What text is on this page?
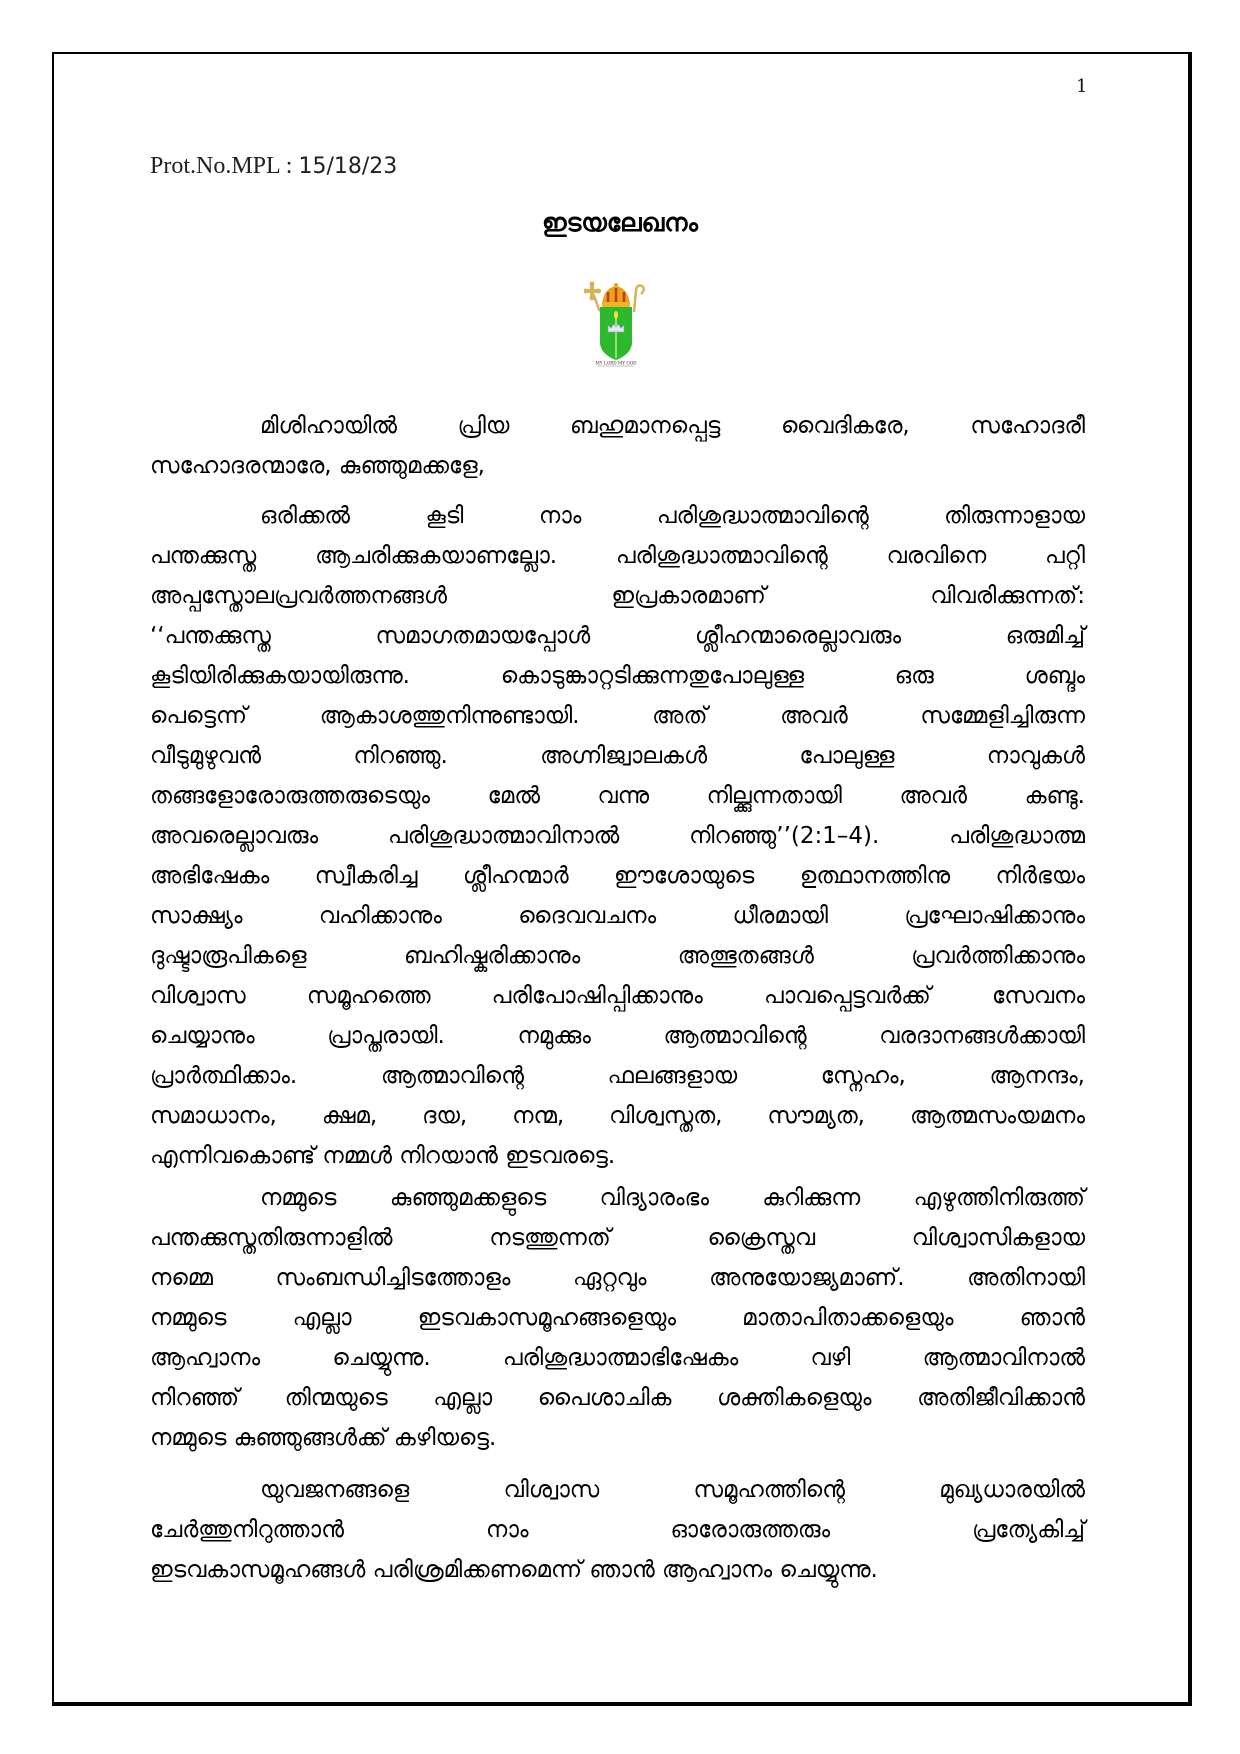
1
Prot.No.MPL : 15/18/23
ഇടയലേഖനം
MY LORD MY GOD
മിശിഹായിൽ	പ്രിയ	ബഹുമാനപ്പെട്ട	വൈദികരേ,	സഹോദരീ
സഹോദരന്മാരേ, കുഞ്ഞുമക്കളേ,
ഒരിക്കൽ കൂടി നാം പരിശുദ്ധാത്മാവിന്റെ തിരുന്നാളായ
പന്തക്കുസ്ത ആചരിക്കുകയാണല്ലോ. പരിശുദ്ധാത്മാവിന്റെ വരവിനെ പറ്റി
അപ്പസ്തോലപ്രവർത്തനങ്ങൾ ഇപ്രകാരമാണ് വിവരിക്കുന്നത്:
‘‘പന്തക്കുസ്ത സമാഗതമായപ്പോൾ ശ്ലീഹന്മാരെല്ലാവരും ഒരുമിച്ച്
കൂടിയിരിക്കുകയായിരുന്നു. കൊടുങ്കാറ്റടിക്കുന്നതുപോലുള്ള ഒരു ശബ്ദം
പെട്ടെന്ന് ആകാശത്തുനിന്നുണ്ടായി. അത് അവർ സമ്മേളിച്ചിരുന്ന
വീടുമുഴുവൻ നിറഞ്ഞു. അഗ്നിജ്വാലകൾ പോലുള്ള നാവുകൾ
തങ്ങളോരോരുത്തരുടെയും മേൽ വന്നു നില്ക്കുന്നതായി അവർ കണ്ടു.
അവരെല്ലാവരും പരിശുദ്ധാത്മാവിനാൽ നിറഞ്ഞു’’(2:1–4). പരിശുദ്ധാത്മ
അഭിഷേകം സ്വീകരിച്ച ശ്ലീഹന്മാർ ഈശോയുടെ ഉത്ഥാനത്തിനു നിർഭയം
സാക്ഷ്യം വഹിക്കാനും ദൈവവചനം ധീരമായി പ്രഘോഷിക്കാനും
ദുഷ്ടാരൂപികളെ ബഹിഷ്കരിക്കാനും അത്ഭുതങ്ങൾ പ്രവർത്തിക്കാനും
വിശ്വാസ സമൂഹത്തെ പരിപോഷിപ്പിക്കാനും പാവപ്പെട്ടവർക്ക് സേവനം
ചെയ്യാനും പ്രാപ്തരായി. നമുക്കും ആത്മാവിന്റെ വരദാനങ്ങൾക്കായി
പ്രാർത്ഥിക്കാം. ആത്മാവിന്റെ ഫലങ്ങളായ സ്നേഹം, ആനന്ദം,
സമാധാനം, ക്ഷമ, ദയ, നന്മ, വിശ്വസ്തത, സൗമ്യത, ആത്മസംയമനം
എന്നിവകൊണ്ട് നമ്മൾ നിറയാൻ ഇടവരട്ടെ.
നമ്മുടെ കുഞ്ഞുമക്കളുടെ വിദ്യാരംഭം കുറിക്കുന്ന എഴുത്തിനിരുത്ത്
പന്തക്കുസ്തതിരുന്നാളിൽ നടത്തുന്നത് ക്രൈസ്തവ വിശ്വാസികളായ
നമ്മെ സംബന്ധിച്ചിടത്തോളം ഏറ്റവും അനുയോജ്യമാണ്. അതിനായി
നമ്മുടെ എല്ലാ ഇടവകാസമൂഹങ്ങളെയും മാതാപിതാക്കളെയും ഞാൻ
ആഹ്വാനം ചെയ്യുന്നു. പരിശുദ്ധാത്മാഭിഷേകം വഴി ആത്മാവിനാൽ
നിറഞ്ഞ് തിന്മയുടെ എല്ലാ പൈശാചിക ശക്തികളെയും അതിജീവിക്കാൻ
നമ്മുടെ കുഞ്ഞുങ്ങൾക്ക് കഴിയട്ടെ.
യുവജനങ്ങളെ വിശ്വാസ സമൂഹത്തിന്റെ മുഖ്യധാരയിൽ
ചേർത്തുനിറുത്താൻ നാം ഓരോരുത്തരും പ്രത്യേകിച്ച്
ഇടവകാസമൂഹങ്ങൾ പരിശ്രമിക്കണമെന്ന് ഞാൻ ആഹ്വാനം ചെയ്യുന്നു.
